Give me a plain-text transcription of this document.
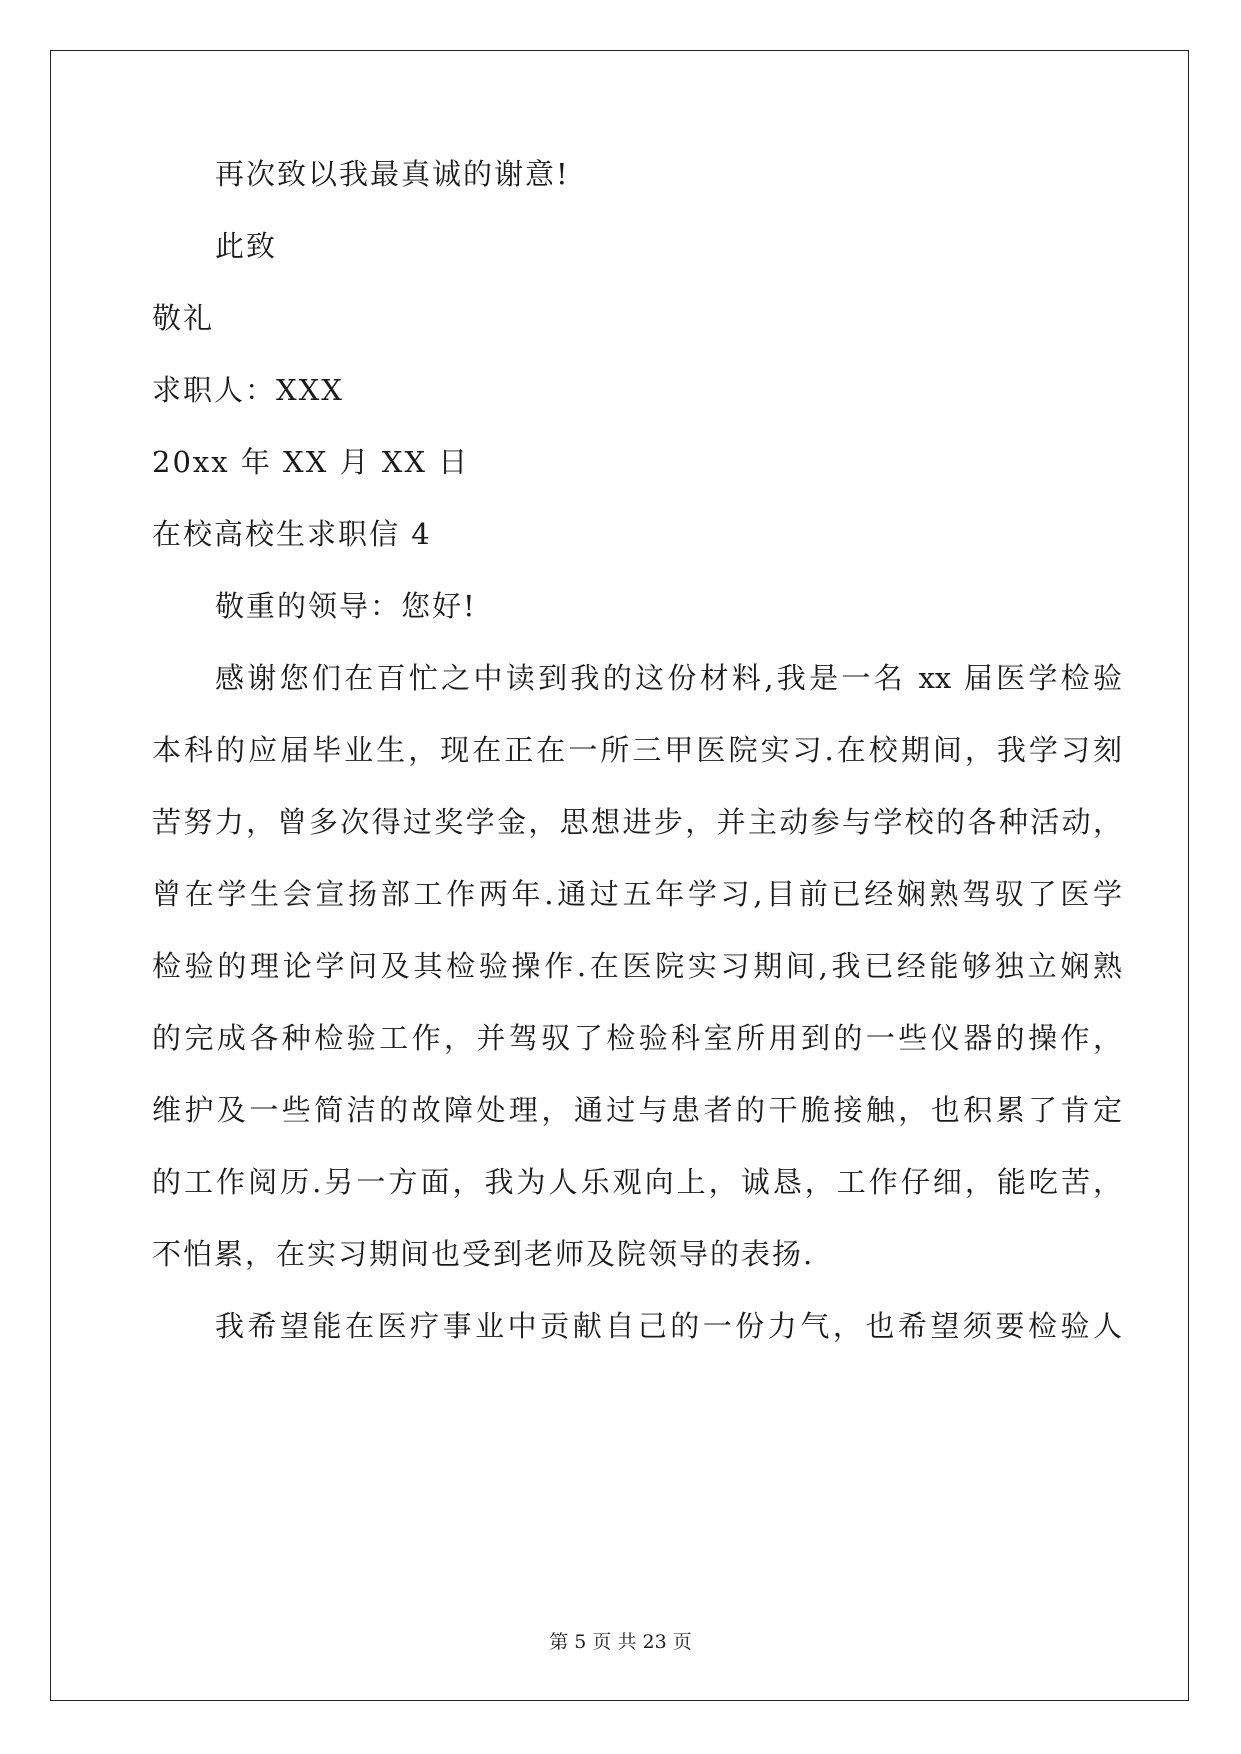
再次致以我最真诚的谢意!
此致
敬礼
求职人：XXX
20xx 年 XX 月 XX 日
在校高校生求职信 4
敬重的领导：您好!
感谢您们在百忙之中读到我的这份材料,我是一名 xx 届医学检验
本科的应届毕业生，现在正在一所三甲医院实习.在校期间，我学习刻
苦努力，曾多次得过奖学金，思想进步，并主动参与学校的各种活动，
曾在学生会宣扬部工作两年.通过五年学习,目前已经娴熟驾驭了医学
检验的理论学问及其检验操作.在医院实习期间,我已经能够独立娴熟
的完成各种检验工作，并驾驭了检验科室所用到的一些仪器的操作，
维护及一些简洁的故障处理，通过与患者的干脆接触，也积累了肯定
的工作阅历.另一方面，我为人乐观向上，诚恳，工作仔细，能吃苦，
不怕累，在实习期间也受到老师及院领导的表扬.
我希望能在医疗事业中贡献自己的一份力气，也希望须要检验人
第 5 页 共 23 页
